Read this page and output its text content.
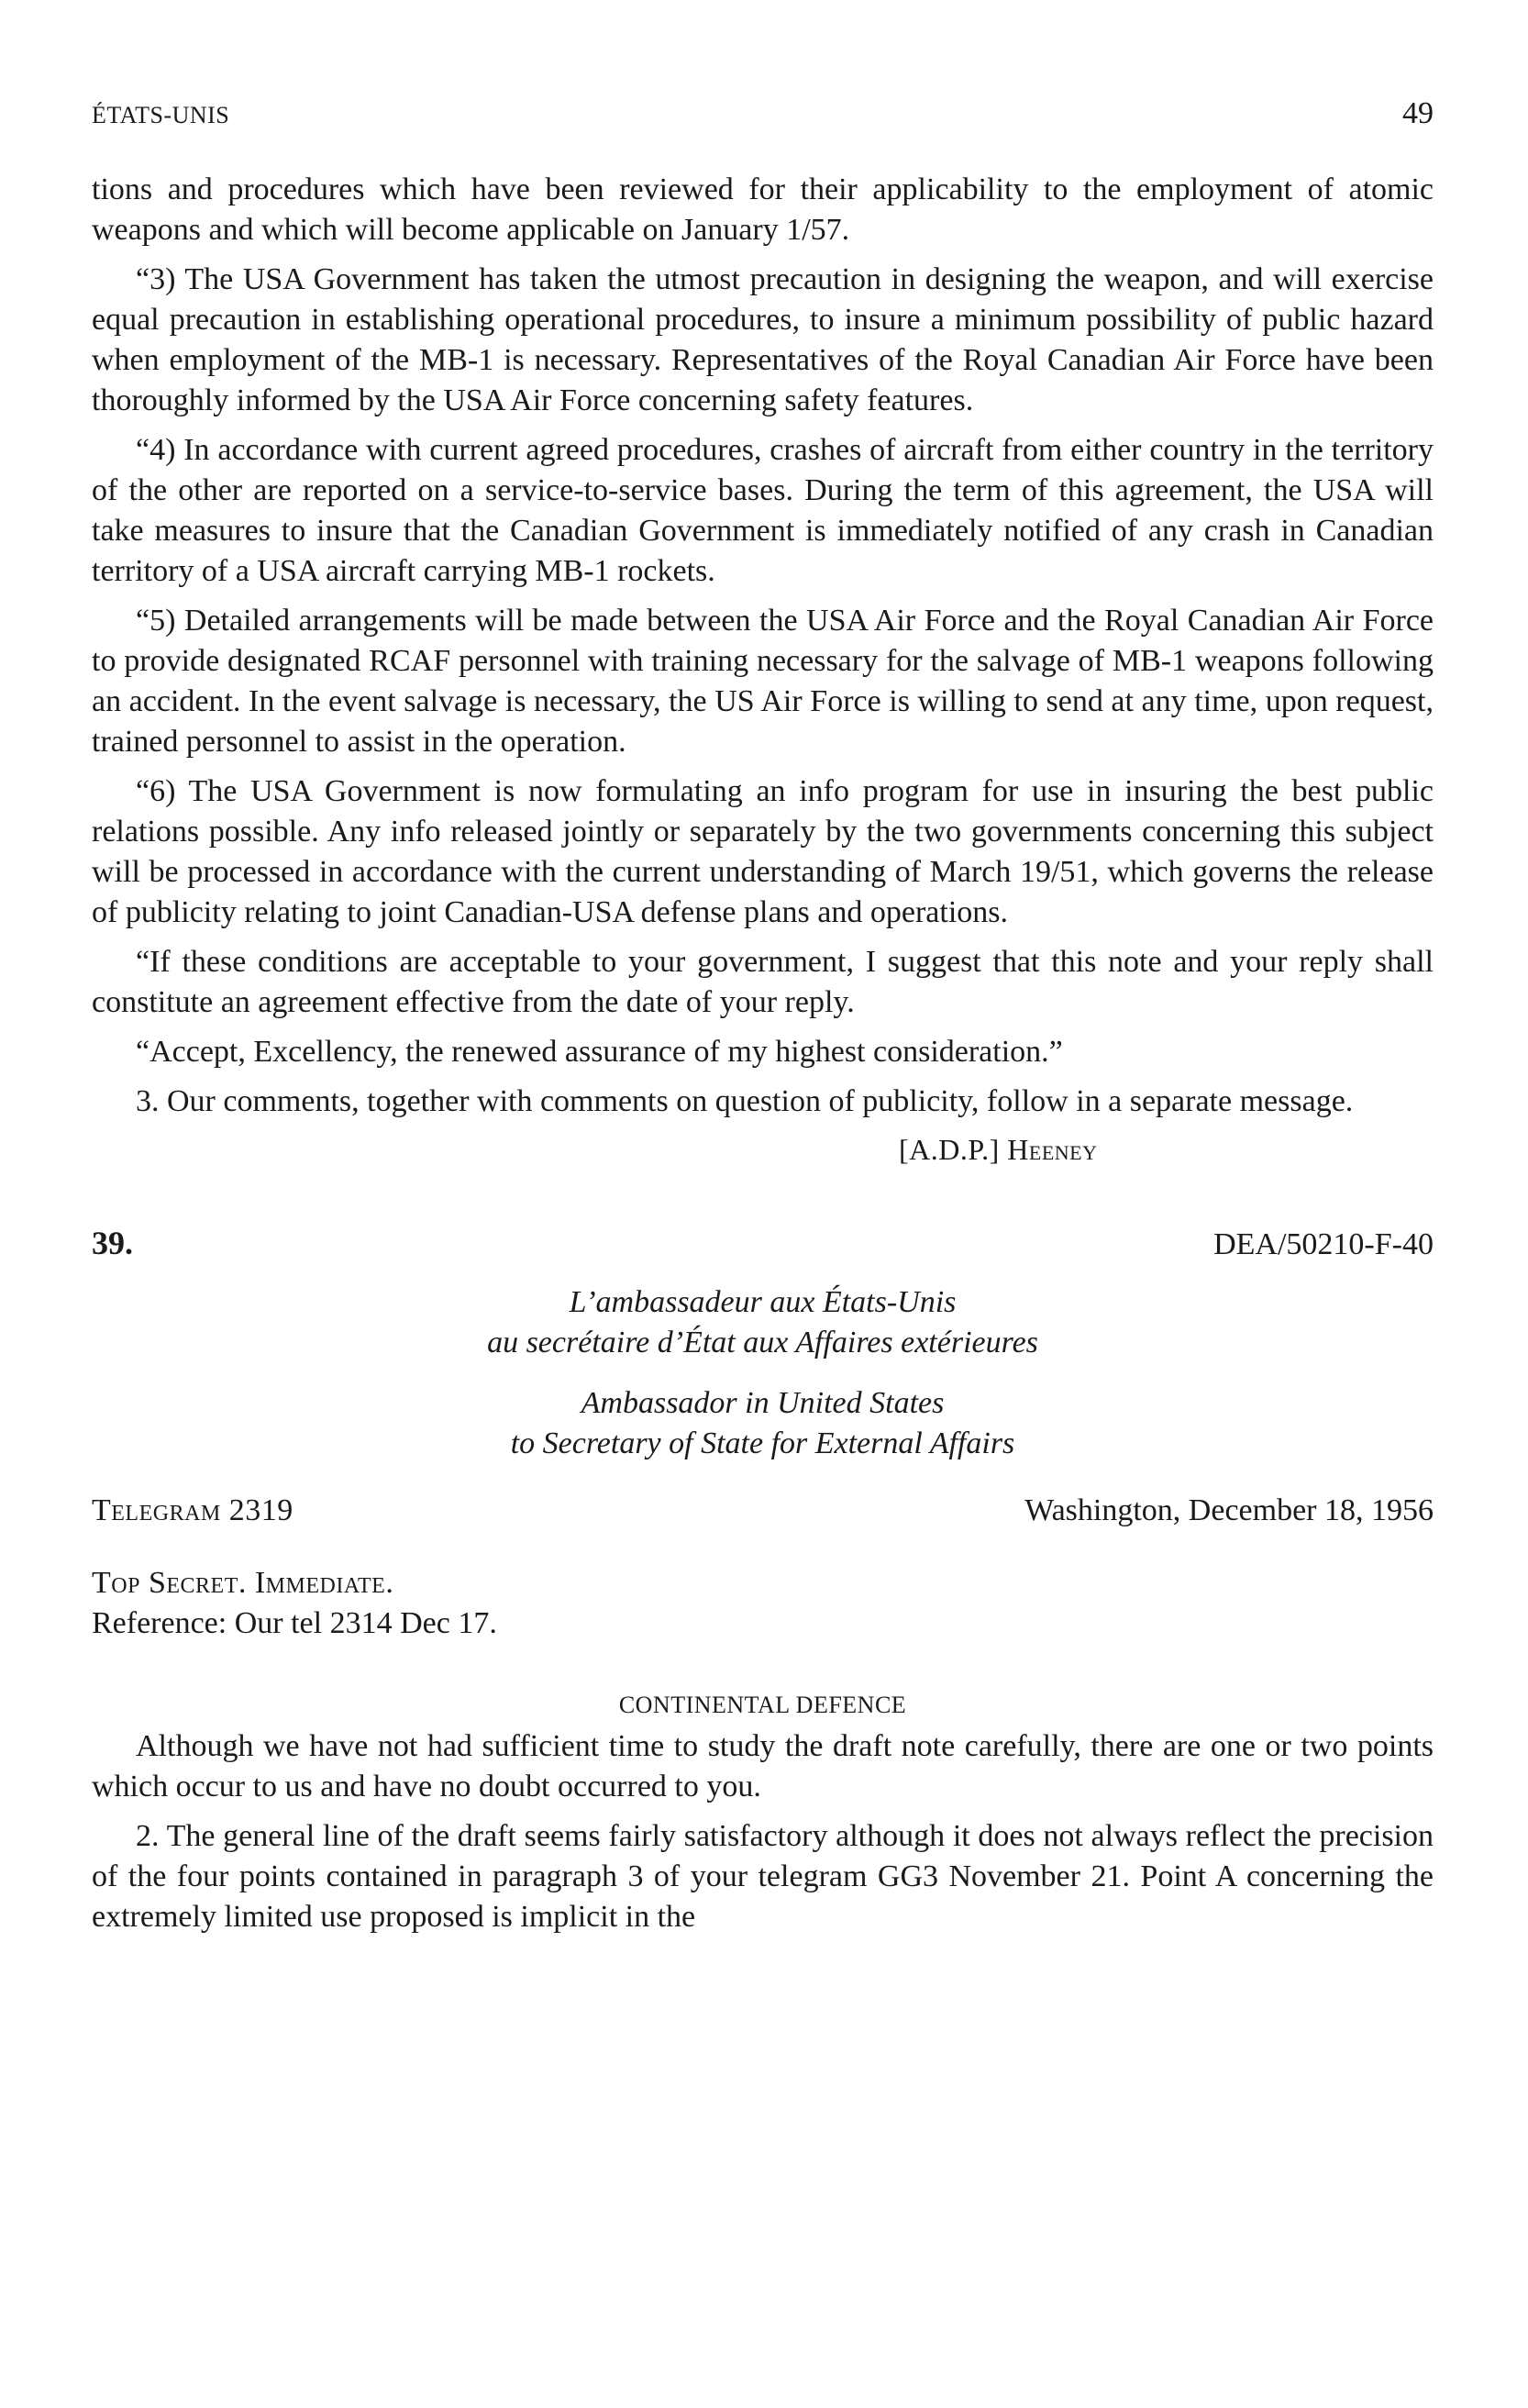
ÉTATS-UNIS	49

tions and procedures which have been reviewed for their applicability to the employment of atomic weapons and which will become applicable on January 1/57.

“3) The USA Government has taken the utmost precaution in designing the weapon, and will exercise equal precaution in establishing operational procedures, to insure a minimum possibility of public hazard when employment of the MB-1 is necessary. Representatives of the Royal Canadian Air Force have been thoroughly informed by the USA Air Force concerning safety features.

“4) In accordance with current agreed procedures, crashes of aircraft from either country in the territory of the other are reported on a service-to-service bases. During the term of this agreement, the USA will take measures to insure that the Canadian Government is immediately notified of any crash in Canadian territory of a USA aircraft carrying MB-1 rockets.

“5) Detailed arrangements will be made between the USA Air Force and the Royal Canadian Air Force to provide designated RCAF personnel with training necessary for the salvage of MB-1 weapons following an accident. In the event salvage is necessary, the US Air Force is willing to send at any time, upon request, trained personnel to assist in the operation.

“6) The USA Government is now formulating an info program for use in insuring the best public relations possible. Any info released jointly or separately by the two governments concerning this subject will be processed in accordance with the current understanding of March 19/51, which governs the release of publicity relating to joint Canadian-USA defense plans and operations.

“If these conditions are acceptable to your government, I suggest that this note and your reply shall constitute an agreement effective from the date of your reply.

“Accept, Excellency, the renewed assurance of my highest consideration.”

3. Our comments, together with comments on question of publicity, follow in a separate message.

[A.D.P.] Heeney
39.	DEA/50210-F-40
L’ambassadeur aux États-Unis
au secrétaire d’État aux Affaires extérieures
Ambassador in United States
to Secretary of State for External Affairs
Telegram 2319	Washington, December 18, 1956
Top Secret. Immediate.
Reference: Our tel 2314 Dec 17.
CONTINENTAL DEFENCE

Although we have not had sufficient time to study the draft note carefully, there are one or two points which occur to us and have no doubt occurred to you.

2. The general line of the draft seems fairly satisfactory although it does not always reflect the precision of the four points contained in paragraph 3 of your telegram GG3 November 21. Point A concerning the extremely limited use proposed is implicit in the
